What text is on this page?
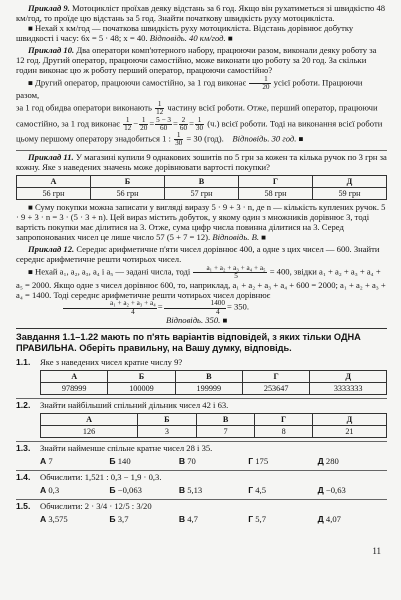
Приклад 9. Мотоцикліст проїхав деяку відстань за 6 год. Якщо він рухатиметься зі швидкістю 48 км/год, то проїде цю відстань за 5 год. Знайти початкову швидкість руху мотоцикліста.

■ Нехай x км/год — початкова швидкість руху мотоцикліста. Відстань дорівнює добутку швидкості і часу: 6x = 5 · 48; x = 40. Відповідь. 40 км/год. ■

Приклад 10. Два оператори комп'ютерного набору, працюючи разом, виконали деяку роботу за 12 год. Другий оператор, працюючи самостійно, може виконати цю роботу за 20 год. За скільки годин виконає цю ж роботу перший оператор, працюючи самостійно?

■ Другий оператор, працюючи самостійно, за 1 год виконає $\frac{1}{20}$ усієї роботи. Працюючи разом,

за 1 год обидва оператори виконають $\frac{1}{12}$ частину всієї роботи. Отже, перший оператор, працюючи

самостійно, за 1 год виконає $\frac{1}{12} - \frac{1}{20} = \frac{5 - 3}{60} = \frac{2}{60} = \frac{1}{30} (ч.)$ всієї роботи. Тоді на виконання всієї роботи

цьому першому оператору знадобиться 1 : $\frac{1}{30} = 30$ (год). Відповідь. 30 год. ■

Приклад 11. У магазині купили 9 однакових зошитів по 5 грн за кожен та кілька ручок по 3 грн за кожну. Яке з наведених значень може дорівнювати вартості покупки?

А	Б	В	Г	Д
56 грн	56 грн	57 грн	58 грн	59 грн

■ Суму покупки можна записати у вигляді виразу 5 · 9 + 3 · n, де n — кількість куплених ручок. 5 · 9 + 3 · n = 3 · (5 · 3 + n). Цей вираз містить добуток, у якому один з множників дорівнює 3, тоді вартість покупки має ділитися на 3. Отже, сума цифр числа повинна ділитися на 3. Серед запропонованих чисел це лише число 57 (5 + 7 = 12). Відповідь. В. ■

Приклад 12. Середнє арифметичне п'яти чисел дорівнює 400, а одне з цих чисел — 600. Знайти середнє арифметичне решти чотирьох чисел.

■ Нехай a₁, a₂, a₃, a₄ і a₅ — задані числа, тоді $\frac{\text{a₁ + a₂ + a₃ + a₄ + a₅}}{5} = 400$, звідки a₁ + a₂ + a₃ + a₄ + a₅ = 2000. Якщо одне з чисел дорівнює 600, то, наприклад, a₁ + a₂ + a₃ + a₄ + 600 = 2000; a₁ + a₂ + a₃ + a₄ = 1400. Тоді середнє арифметичне решти чотирьох чисел дорівнює

$\frac{\text{a₁ + a₂ + a₃ + a₄}}{4} = \frac{1400}{4} = 350$. Відповідь. 350. ■

Завдання 1.1–1.22 мають по п'ять варіантів відповідей, з яких тільки ОДНА ПРАВИЛЬНА. Оберіть правильну, на Вашу думку, відповідь.
1.1.	Яке з наведених чисел кратне числу 9?
А	Б	В	Г	Д
978999	100009	199999	253647	3333333
1.2.	Знайти найбільший спільний дільник чисел 42 і 63.
А	Б	В	Г	Д
126	3	7	8	21
1.3.	Знайти найменше спільне кратне чисел 28 і 35.
А 7	Б 140	В 70	Г 175	Д 280
1.4.	Обчислити: 1,521 : 0,3 − 1,9 · 0,3.
А 0,3	Б −0,063	В 5,13	Г 4,5	Д −0,63
1.5.	Обчислити: 2 · 3/4 · 12/5 : 3/20
А 3,575	Б 3,7	В 4,7	Г 5,7	Д 4,07
11
